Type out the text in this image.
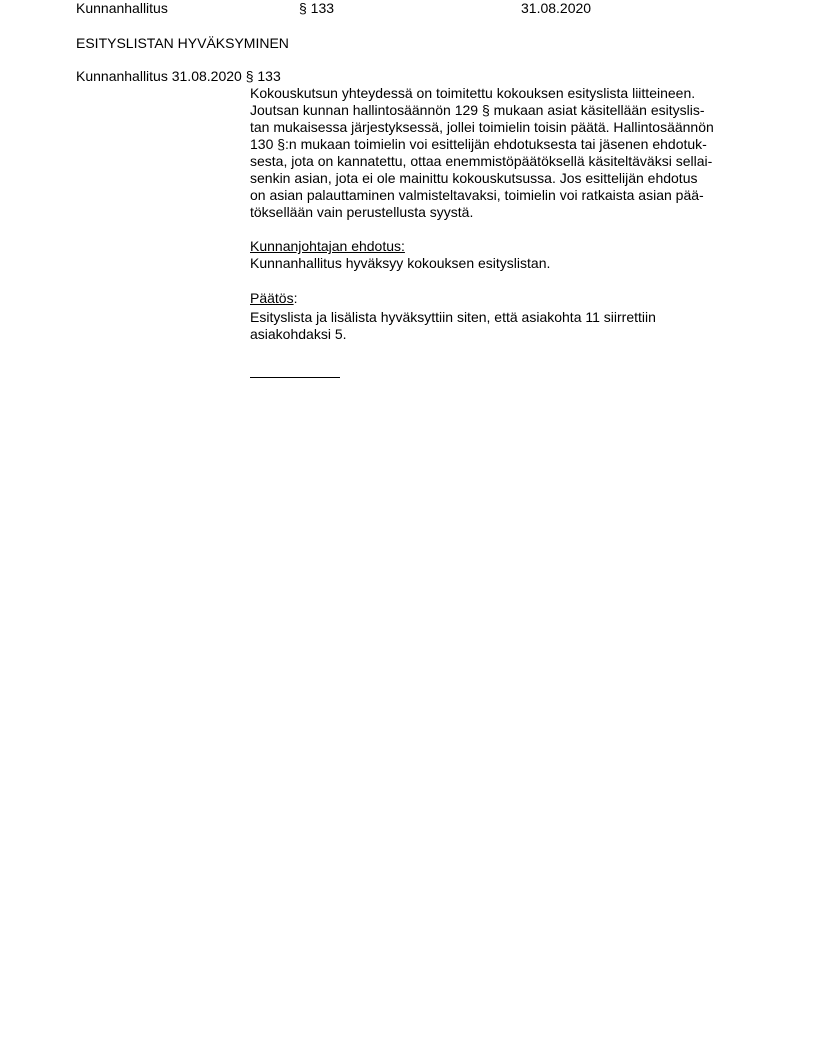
Kunnanhallitus	§ 133	31.08.2020
ESITYSLISTAN HYVÄKSYMINEN
Kunnanhallitus 31.08.2020 § 133
Kokouskutsun yhteydessä on toimitettu kokouksen esityslista liitteineen.
Joutsan kunnan hallintosäännön 129 § mukaan asiat käsitellään esityslis-
tan mukaisessa järjestyksessä, jollei toimielin toisin päätä. Hallintosäännön
130 §:n mukaan toimielin voi esittelijän ehdotuksesta tai jäsenen ehdotuk-
sesta, jota on kannatettu, ottaa enemmistöpäätöksellä käsiteltäväksi sellai-
senkin asian, jota ei ole mainittu kokouskutsussa. Jos esittelijän ehdotus
on asian palauttaminen valmisteltavaksi, toimielin voi ratkaista asian pää-
töksellään vain perustellusta syystä.
Kunnanjohtajan ehdotus:
Kunnanhallitus hyväksyy kokouksen esityslistan.
Päätös:
Esityslista ja lisälista hyväksyttiin siten, että asiakohta 11 siirrettiin
asiakohdaksi 5.
